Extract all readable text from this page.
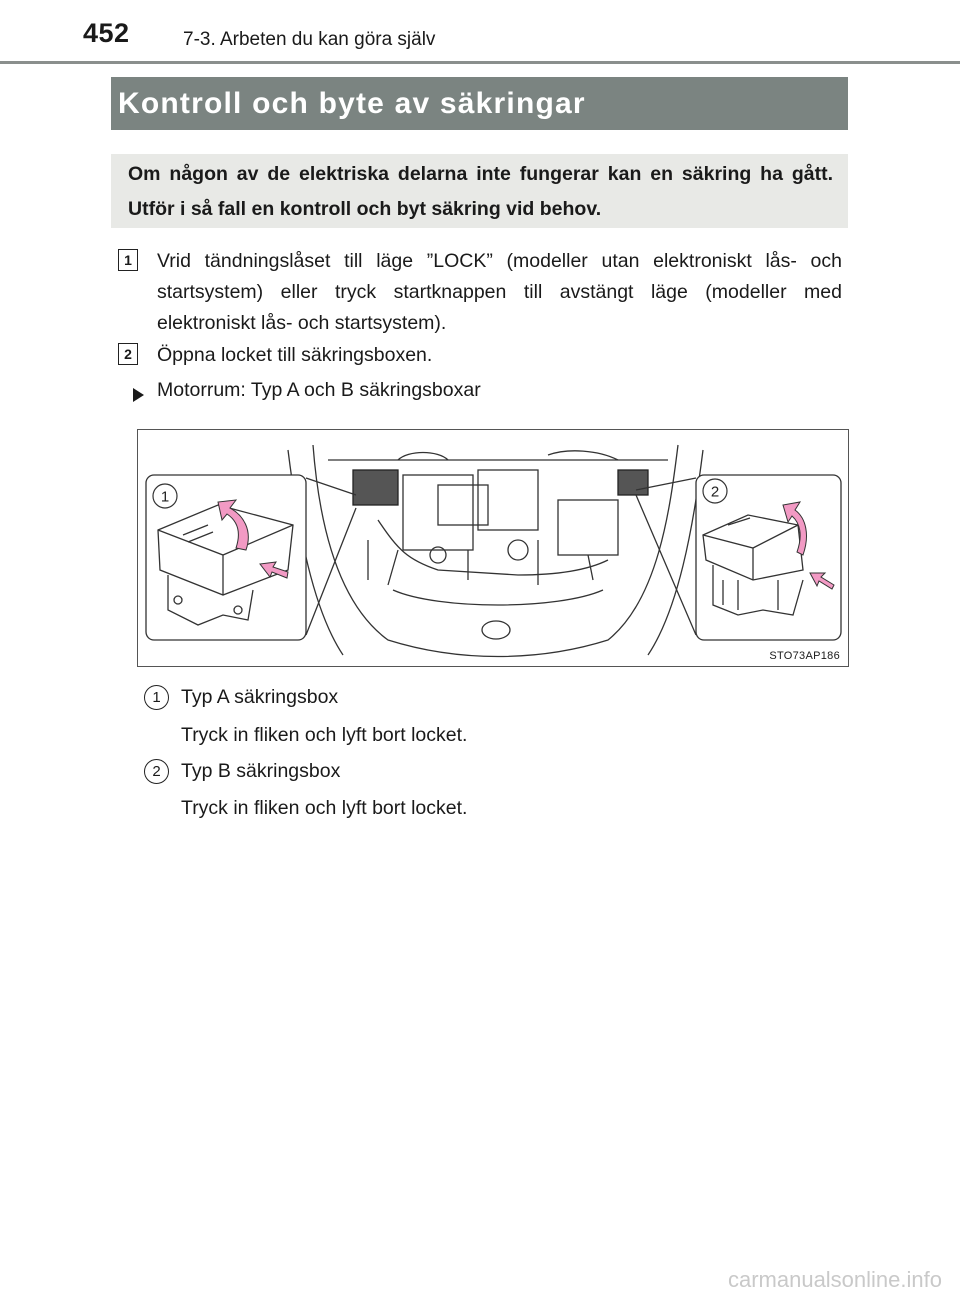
452	7-3. Arbeten du kan göra själv
Kontroll och byte av säkringar
Om någon av de elektriska delarna inte fungerar kan en säkring ha gått. Utför i så fall en kontroll och byt säkring vid behov.
1	Vrid tändningslåset till läge ”LOCK” (modeller utan elektroniskt lås- och startsystem) eller tryck startknappen till avstängt läge (modeller med elektroniskt lås- och startsystem).
2	Öppna locket till säkringsboxen.
Motorrum: Typ A och B säkringsboxar
1	2
STO73AP186
1	Typ A säkringsbox
Tryck in fliken och lyft bort locket.
2	Typ B säkringsbox
Tryck in fliken och lyft bort locket.
carmanualsonline.info
